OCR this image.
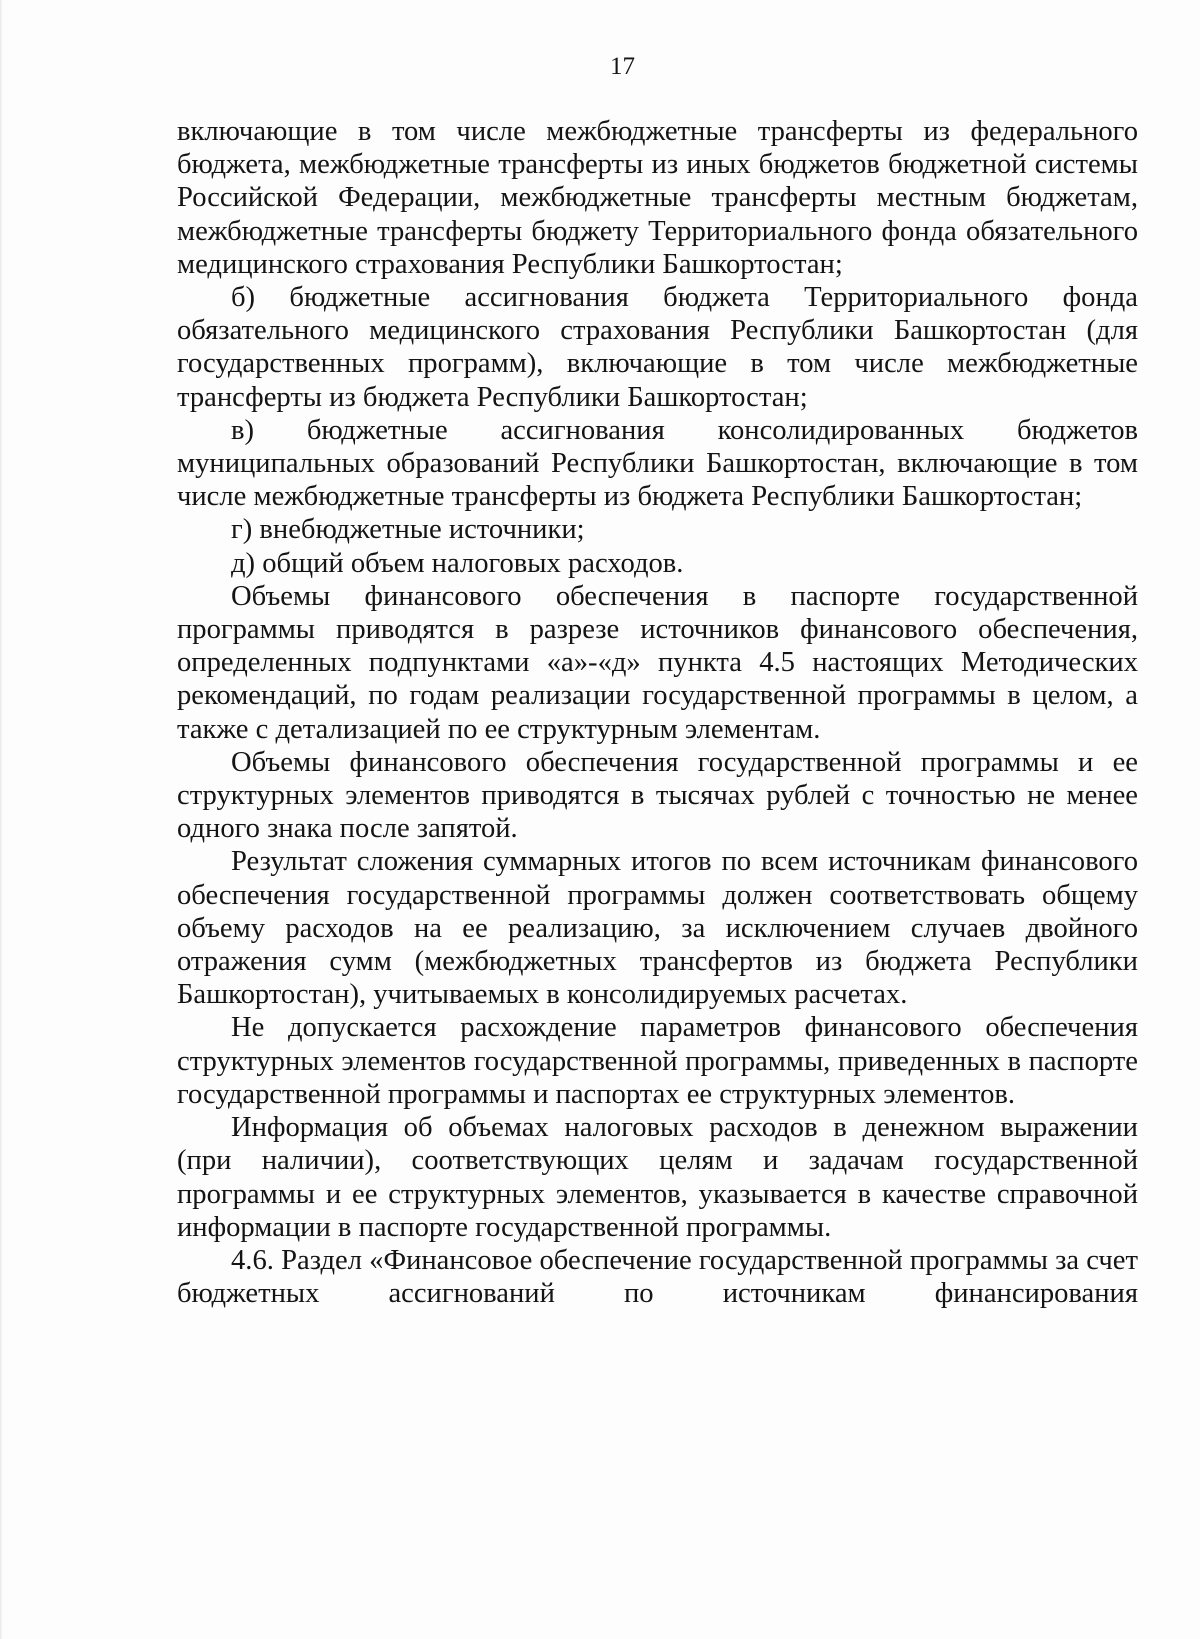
17

включающие в том числе межбюджетные трансферты из федерального бюджета, межбюджетные трансферты из иных бюджетов бюджетной системы Российской Федерации, межбюджетные трансферты местным бюджетам, межбюджетные трансферты бюджету Территориального фонда обязательного медицинского страхования Республики Башкортостан;

б) бюджетные ассигнования бюджета Территориального фонда обязательного медицинского страхования Республики Башкортостан (для государственных программ), включающие в том числе межбюджетные трансферты из бюджета Республики Башкортостан;

в) бюджетные ассигнования консолидированных бюджетов муниципальных образований Республики Башкортостан, включающие в том числе межбюджетные трансферты из бюджета Республики Башкортостан;

г) внебюджетные источники;

д) общий объем налоговых расходов.

Объемы финансового обеспечения в паспорте государственной программы приводятся в разрезе источников финансового обеспечения, определенных подпунктами «а»-«д» пункта 4.5 настоящих Методических рекомендаций, по годам реализации государственной программы в целом, а также с детализацией по ее структурным элементам.

Объемы финансового обеспечения государственной программы и ее структурных элементов приводятся в тысячах рублей с точностью не менее одного знака после запятой.

Результат сложения суммарных итогов по всем источникам финансового обеспечения государственной программы должен соответствовать общему объему расходов на ее реализацию, за исключением случаев двойного отражения сумм (межбюджетных трансфертов из бюджета Республики Башкортостан), учитываемых в консолидируемых расчетах.

Не допускается расхождение параметров финансового обеспечения структурных элементов государственной программы, приведенных в паспорте государственной программы и паспортах ее структурных элементов.

Информация об объемах налоговых расходов в денежном выражении (при наличии), соответствующих целям и задачам государственной программы и ее структурных элементов, указывается в качестве справочной информации в паспорте государственной программы.

4.6. Раздел «Финансовое обеспечение государственной программы за счет бюджетных ассигнований по источникам финансирования
